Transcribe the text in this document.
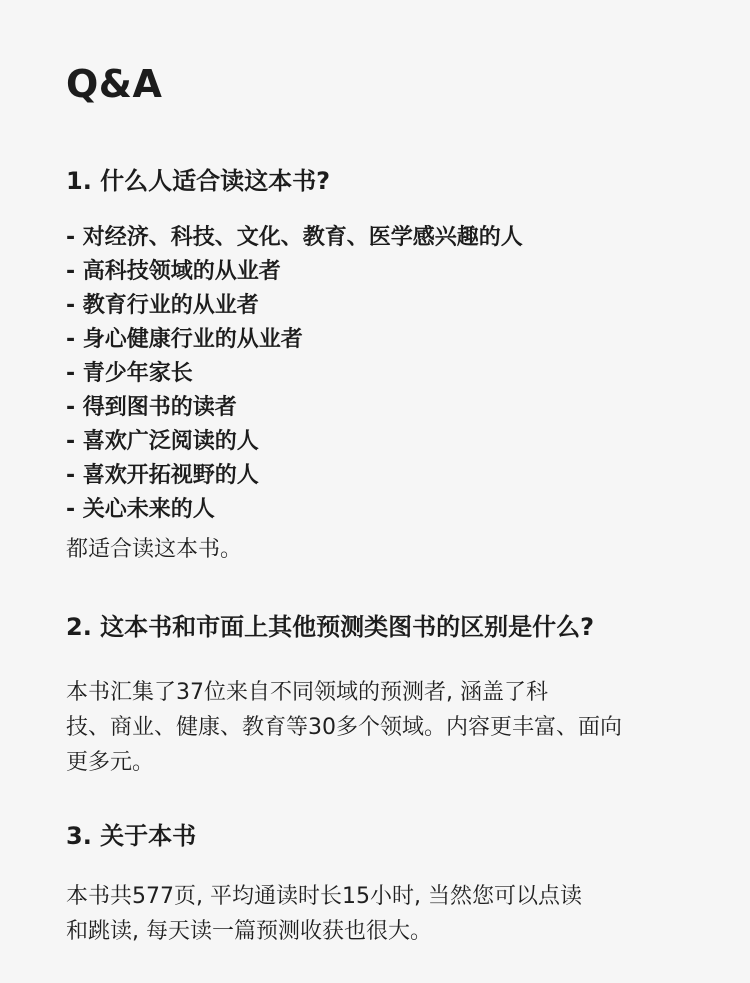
Q&A
1. 什么人适合读这本书?
- 对经济、科技、文化、教育、医学感兴趣的人
- 高科技领域的从业者
- 教育行业的从业者
- 身心健康行业的从业者
- 青少年家长
- 得到图书的读者
- 喜欢广泛阅读的人
- 喜欢开拓视野的人
- 关心未来的人

都适合读这本书。

2. 这本书和市面上其他预测类图书的区别是什么?

本书汇集了37位来自不同领域的预测者, 涵盖了科
技、商业、健康、教育等30多个领域。内容更丰富、面向
更多元。

3. 关于本书

本书共577页, 平均通读时长15小时, 当然您可以点读
和跳读, 每天读一篇预测收获也很大。
